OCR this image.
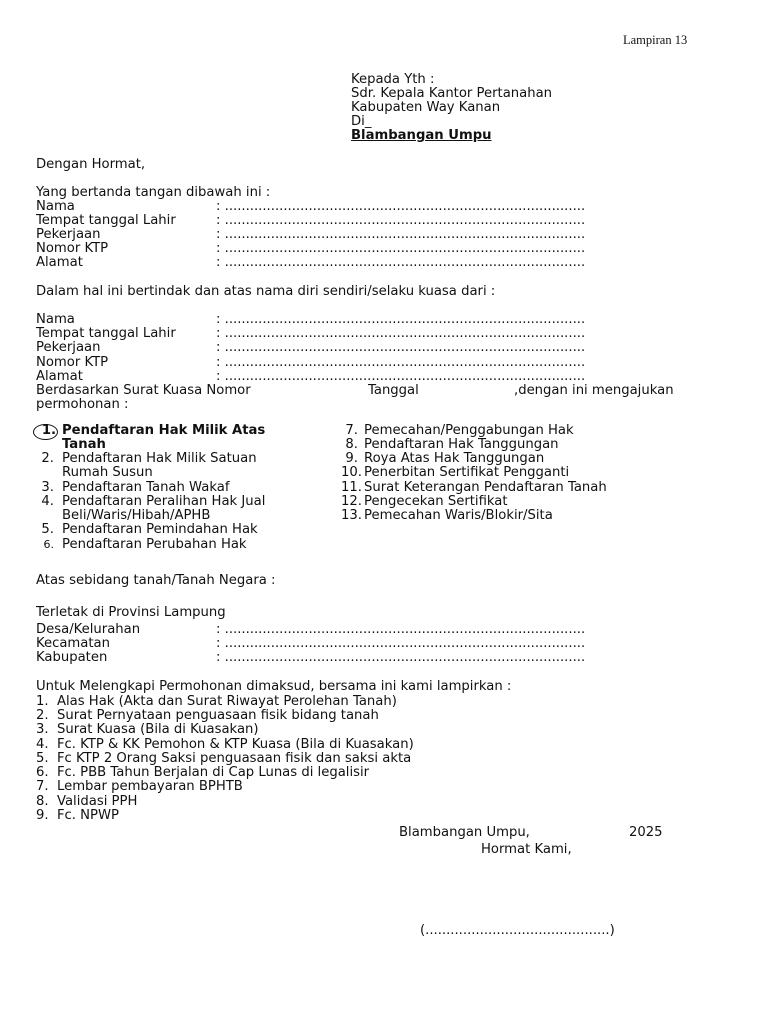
Lampiran 13
Kepada Yth :
Sdr. Kepala Kantor Pertanahan
Kabupaten Way Kanan
Di_
Blambangan Umpu
Dengan Hormat,
Yang bertanda tangan dibawah ini :
Nama	: ......................................................................................
Tempat tanggal Lahir	: ......................................................................................
Pekerjaan	: ......................................................................................
Nomor KTP	: ......................................................................................
Alamat	: ......................................................................................
Dalam hal ini bertindak dan atas nama diri sendiri/selaku kuasa dari :
Nama	: ......................................................................................
Tempat tanggal Lahir	: ......................................................................................
Pekerjaan	: ......................................................................................
Nomor KTP	: ......................................................................................
Alamat	: ......................................................................................
Berdasarkan Surat Kuasa Nomor	Tanggal	,dengan ini mengajukan
permohonan :
1. Pendaftaran Hak Milik Atas
Tanah
2. Pendaftaran Hak Milik Satuan
Rumah Susun
3. Pendaftaran Tanah Wakaf
4. Pendaftaran Peralihan Hak Jual
Beli/Waris/Hibah/APHB
5. Pendaftaran Pemindahan Hak
6. Pendaftaran Perubahan Hak
7. Pemecahan/Penggabungan Hak
8. Pendaftaran Hak Tanggungan
9. Roya Atas Hak Tanggungan
10. Penerbitan Sertifikat Pengganti
11. Surat Keterangan Pendaftaran Tanah
12. Pengecekan Sertifikat
13. Pemecahan Waris/Blokir/Sita
Atas sebidang tanah/Tanah Negara :
Terletak di Provinsi Lampung
Desa/Kelurahan	: ......................................................................................
Kecamatan	: ......................................................................................
Kabupaten	: ......................................................................................
Untuk Melengkapi Permohonan dimaksud, bersama ini kami lampirkan :
1.  Alas Hak (Akta dan Surat Riwayat Perolehan Tanah)
2.  Surat Pernyataan penguasaan fisik bidang tanah
3.  Surat Kuasa (Bila di Kuasakan)
4.  Fc. KTP & KK Pemohon & KTP Kuasa (Bila di Kuasakan)
5.  Fc KTP 2 Orang Saksi penguasaan fisik dan saksi akta
6.  Fc. PBB Tahun Berjalan di Cap Lunas di legalisir
7.  Lembar pembayaran BPHTB
8.  Validasi PPH
9.  Fc. NPWP
Blambangan Umpu,	2025
Hormat Kami,
(............................................)
